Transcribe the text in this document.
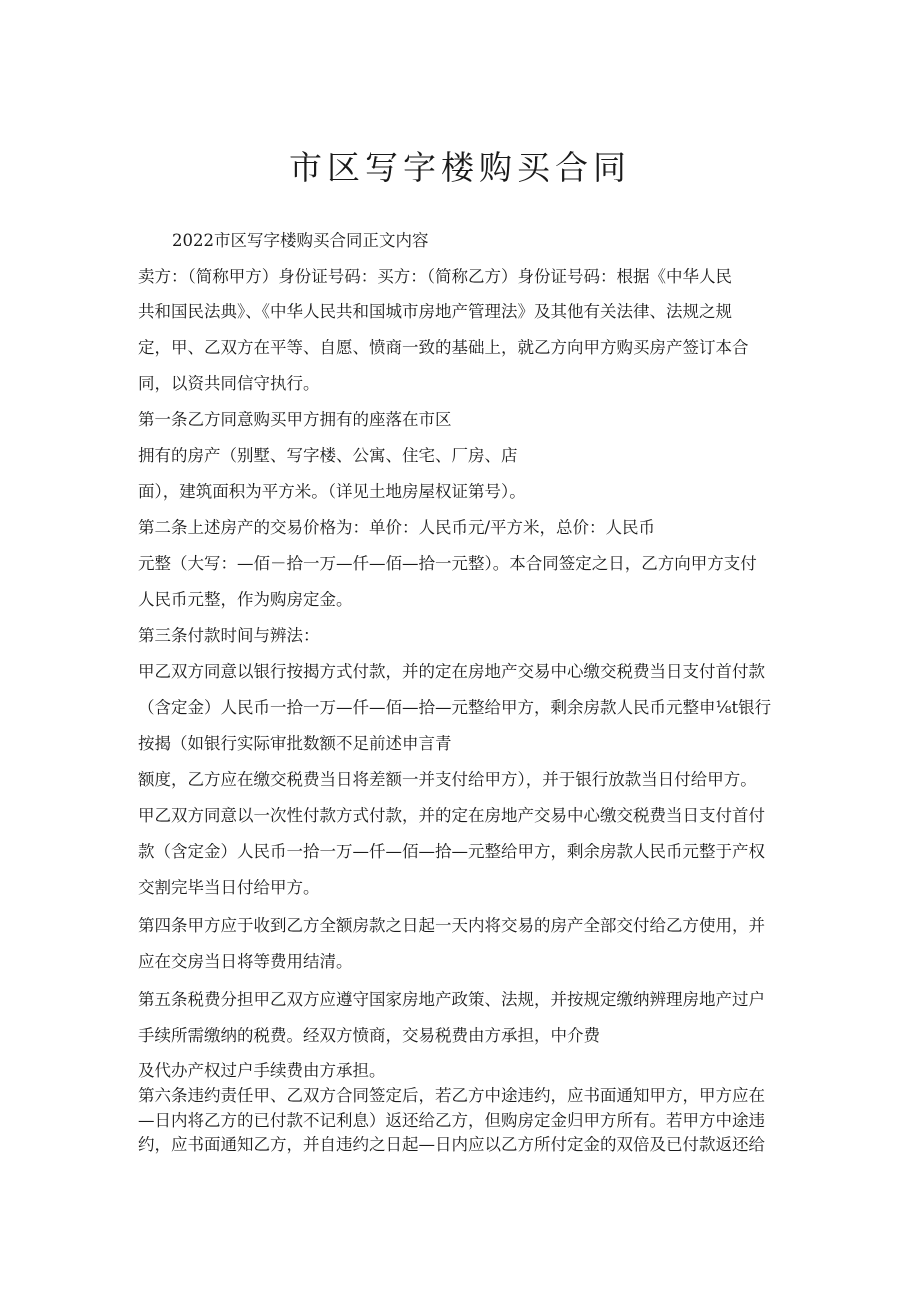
市区写字楼购买合同

2022市区写字楼购买合同正文内容

卖方：（简称甲方）身份证号码：买方：（简称乙方）身份证号码：根据《中华人民

共和国民法典》、《中华人民共和国城市房地产管理法》及其他有关法律、法规之规

定，甲、乙双方在平等、自愿、愤商一致的基础上，就乙方向甲方购买房产签订本合

同，以资共同信守执行。

第一条乙方同意购买甲方拥有的座落在市区

拥有的房产（别墅、写字楼、公寓、住宅、厂房、店

面），建筑面积为平方米。（详见土地房屋权证第号）。

第二条上述房产的交易价格为：单价：人民币元/平方米，总价：人民币

元整（大写：—佰－拾一万—仟—佰—拾一元整）。本合同签定之日，乙方向甲方支付

人民币元整，作为购房定金。

第三条付款时间与辨法：

甲乙双方同意以银行按揭方式付款，并的定在房地产交易中心缴交税费当日支付首付款

（含定金）人民币一拾一万—仟—佰—拾—元整给甲方，剩余房款人民币元整申⅛t银行

按揭（如银行实际审批数额不足前述申言青

额度，乙方应在缴交税费当日将差额一并支付给甲方），并于银行放款当日付给甲方。

甲乙双方同意以一次性付款方式付款，并的定在房地产交易中心缴交税费当日支付首付

款（含定金）人民币一拾一万—仟—佰—拾—元整给甲方，剩余房款人民币元整于产权

交割完毕当日付给甲方。

第四条甲方应于收到乙方全额房款之日起一天内将交易的房产全部交付给乙方使用，并

应在交房当日将等费用结清。

第五条税费分担甲乙双方应遵守国家房地产政策、法规，并按规定缴纳辨理房地产过户

手续所需缴纳的税费。经双方愤商，交易税费由方承担，中介费

及代办产权过户手续费由方承担。

第六条违约责任甲、乙双方合同签定后，若乙方中途违约，应书面通知甲方，甲方应在

—日内将乙方的已付款不记利息）返还给乙方，但购房定金归甲方所有。若甲方中途违

约，应书面通知乙方，并自违约之日起—日内应以乙方所付定金的双倍及已付款返还给
